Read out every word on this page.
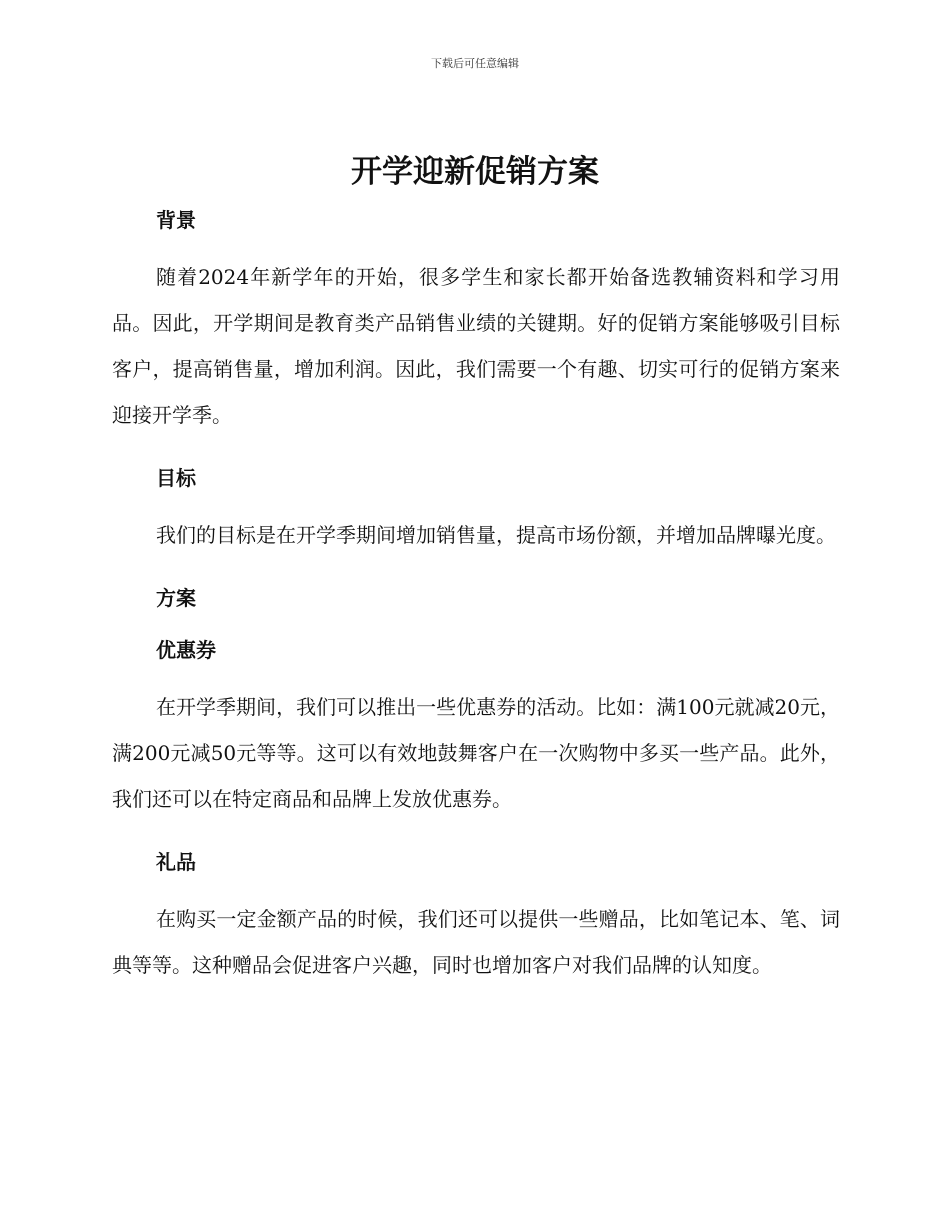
下载后可任意编辑
开学迎新促销方案
背景

随着2024年新学年的开始，很多学生和家长都开始备选教辅资料和学习用品。因此，开学期间是教育类产品销售业绩的关键期。好的促销方案能够吸引目标客户，提高销售量，增加利润。因此，我们需要一个有趣、切实可行的促销方案来迎接开学季。

目标

我们的目标是在开学季期间增加销售量，提高市场份额，并增加品牌曝光度。

方案
优惠券

在开学季期间，我们可以推出一些优惠券的活动。比如：满100元就减20元，满200元减50元等等。这可以有效地鼓舞客户在一次购物中多买一些产品。此外，我们还可以在特定商品和品牌上发放优惠券。

礼品

在购买一定金额产品的时候，我们还可以提供一些赠品，比如笔记本、笔、词典等等。这种赠品会促进客户兴趣，同时也增加客户对我们品牌的认知度。
